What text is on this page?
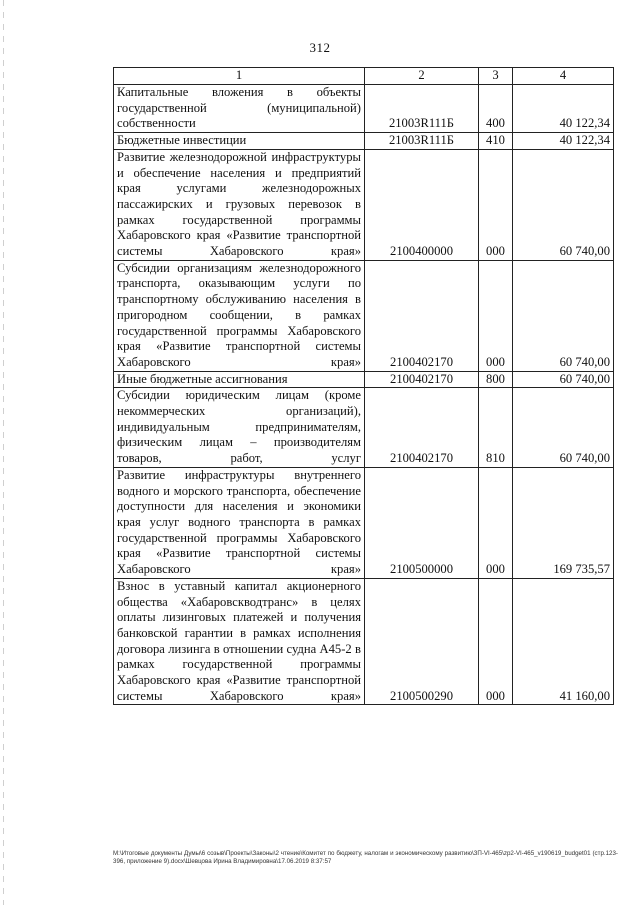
312
1	2	3	4
Капитальные вложения в объекты государственной (муниципальной) собственности	21003R111Б	400	40 122,34
Бюджетные инвестиции	21003R111Б	410	40 122,34
Развитие железнодорожной инфраструктуры и обеспечение населения и предприятий края услугами железнодорожных пассажирских и грузовых перевозок в рамках государственной программы Хабаровского края «Развитие транспортной системы Хабаровского края»	2100400000	000	60 740,00
Субсидии организациям железнодорожного транспорта, оказывающим услуги по транспортному обслуживанию населения в пригородном сообщении, в рамках государственной программы Хабаровского края «Развитие транспортной системы Хабаровского края»	2100402170	000	60 740,00
Иные бюджетные ассигнования	2100402170	800	60 740,00
Субсидии юридическим лицам (кроме некоммерческих организаций), индивидуальным предпринимателям, физическим лицам – производителям товаров, работ, услуг	2100402170	810	60 740,00
Развитие инфраструктуры внутреннего водного и морского транспорта, обеспечение доступности для населения и экономики края услуг водного транспорта в рамках государственной программы Хабаровского края «Развитие транспортной системы Хабаровского края»	2100500000	000	169 735,57
Взнос в уставный капитал акционерного общества «Хабаровскводтранс» в целях оплаты лизинговых платежей и получения банковской гарантии в рамках исполнения договора лизинга в отношении судна А45-2 в рамках государственной программы Хабаровского края «Развитие транспортной системы Хабаровского края»	2100500290	000	41 160,00
M:\Итоговые документы Думы\6 созыв\Проекты\Законы\2 чтение\Комитет по бюджету, налогам и экономическому развитию\ЗП-VI-465\zp2-VI-465_v190619_budget01 (стр.123-396, приложение 9).docx\Шевцова Ирина Владимировна\17.06.2019 8:37:57
